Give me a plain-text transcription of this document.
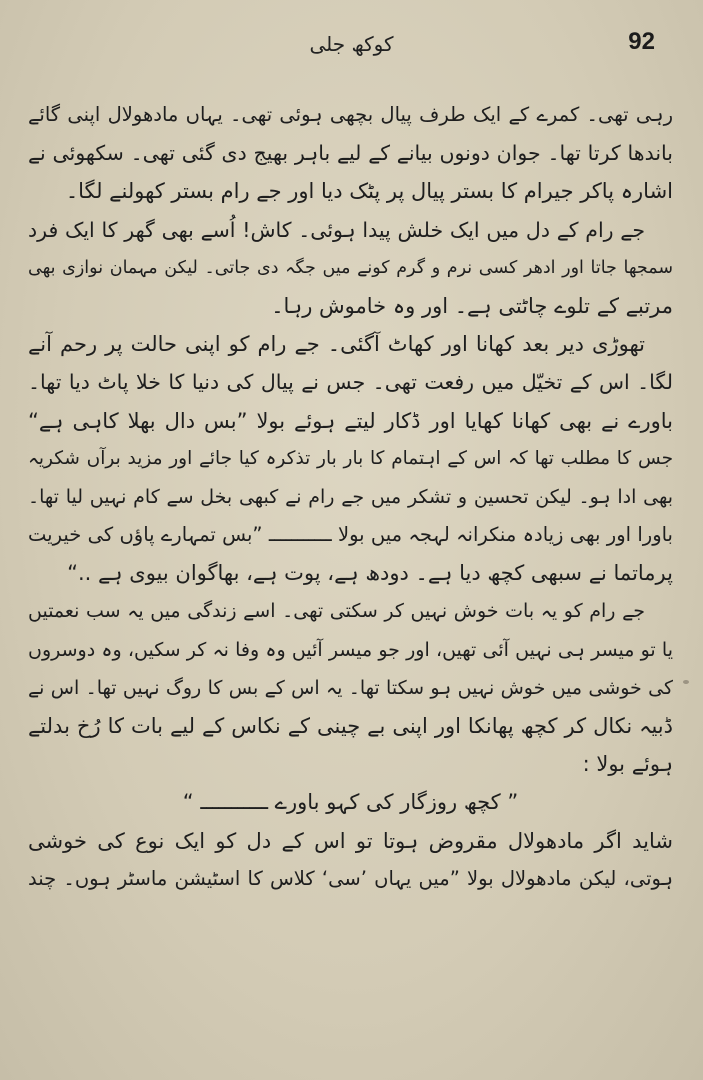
کوکھ جلی	92
رہی تھی۔ کمرے کے ایک طرف پیال بچھی ہوئی تھی۔ یہاں مادھولال اپنی گائے
باندھا کرتا تھا۔ جوان دونوں بیانے کے لیے باہر بھیج دی گئی تھی۔ سکھوئی نے
اشارہ پاکر جیرام کا بستر پیال پر پٹک دیا اور جے رام بستر کھولنے لگا۔
جے رام کے دل میں ایک خلش پیدا ہوئی۔ کاش! اُسے بھی گھر کا ایک فرد
سمجھا جاتا اور ادھر کسی نرم و گرم کونے میں جگہ دی جاتی۔ لیکن مہمان نوازی بھی
مرتبے کے تلوے چاٹتی ہے۔ اور وہ خاموش رہا۔
تھوڑی دیر بعد کھانا اور کھاٹ آگئی۔ جے رام کو اپنی حالت پر رحم آنے
لگا۔ اس کے تخیّل میں رفعت تھی۔ جس نے پیال کی دنیا کا خلا پاٹ دیا تھا۔
باورے نے بھی کھانا کھایا اور ڈکار لیتے ہوئے بولا ”بس دال بھلا کاہی ہے“
جس کا مطلب تھا کہ اس کے اہتمام کا بار بار تذکرہ کیا جائے اور مزید برآں شکریہ
بھی ادا ہو۔ لیکن تحسین و تشکر میں جے رام نے کبھی بخل سے کام نہیں لیا تھا۔
باورا اور بھی زیادہ منکرانہ لہجہ میں بولا ـــــــــــ ”بس تمہارے پاؤں کی خیریت
پرماتما نے سبھی کچھ دیا ہے۔ دودھ ہے، پوت ہے، بھاگوان بیوی ہے ..“
جے رام کو یہ بات خوش نہیں کر سکتی تھی۔ اسے زندگی میں یہ سب نعمتیں
یا تو میسر ہی نہیں آئی تھیں، اور جو میسر آئیں وہ وفا نہ کر سکیں، وہ دوسروں
کی خوشی میں خوش نہیں ہو سکتا تھا۔ یہ اس کے بس کا روگ نہیں تھا۔ اس نے
ڈبیہ نکال کر کچھ پھانکا اور اپنی بے چینی کے نکاس کے لیے بات کا رُخ بدلتے
ہوئے بولا :
” کچھ روزگار کی کہو باورے ـــــــــــ “
شاید اگر مادھولال مقروض ہوتا تو اس کے دل کو ایک نوع کی خوشی
ہوتی، لیکن مادھولال بولا ”میں یہاں ’سی‘ کلاس کا اسٹیشن ماسٹر ہوں۔ چند
